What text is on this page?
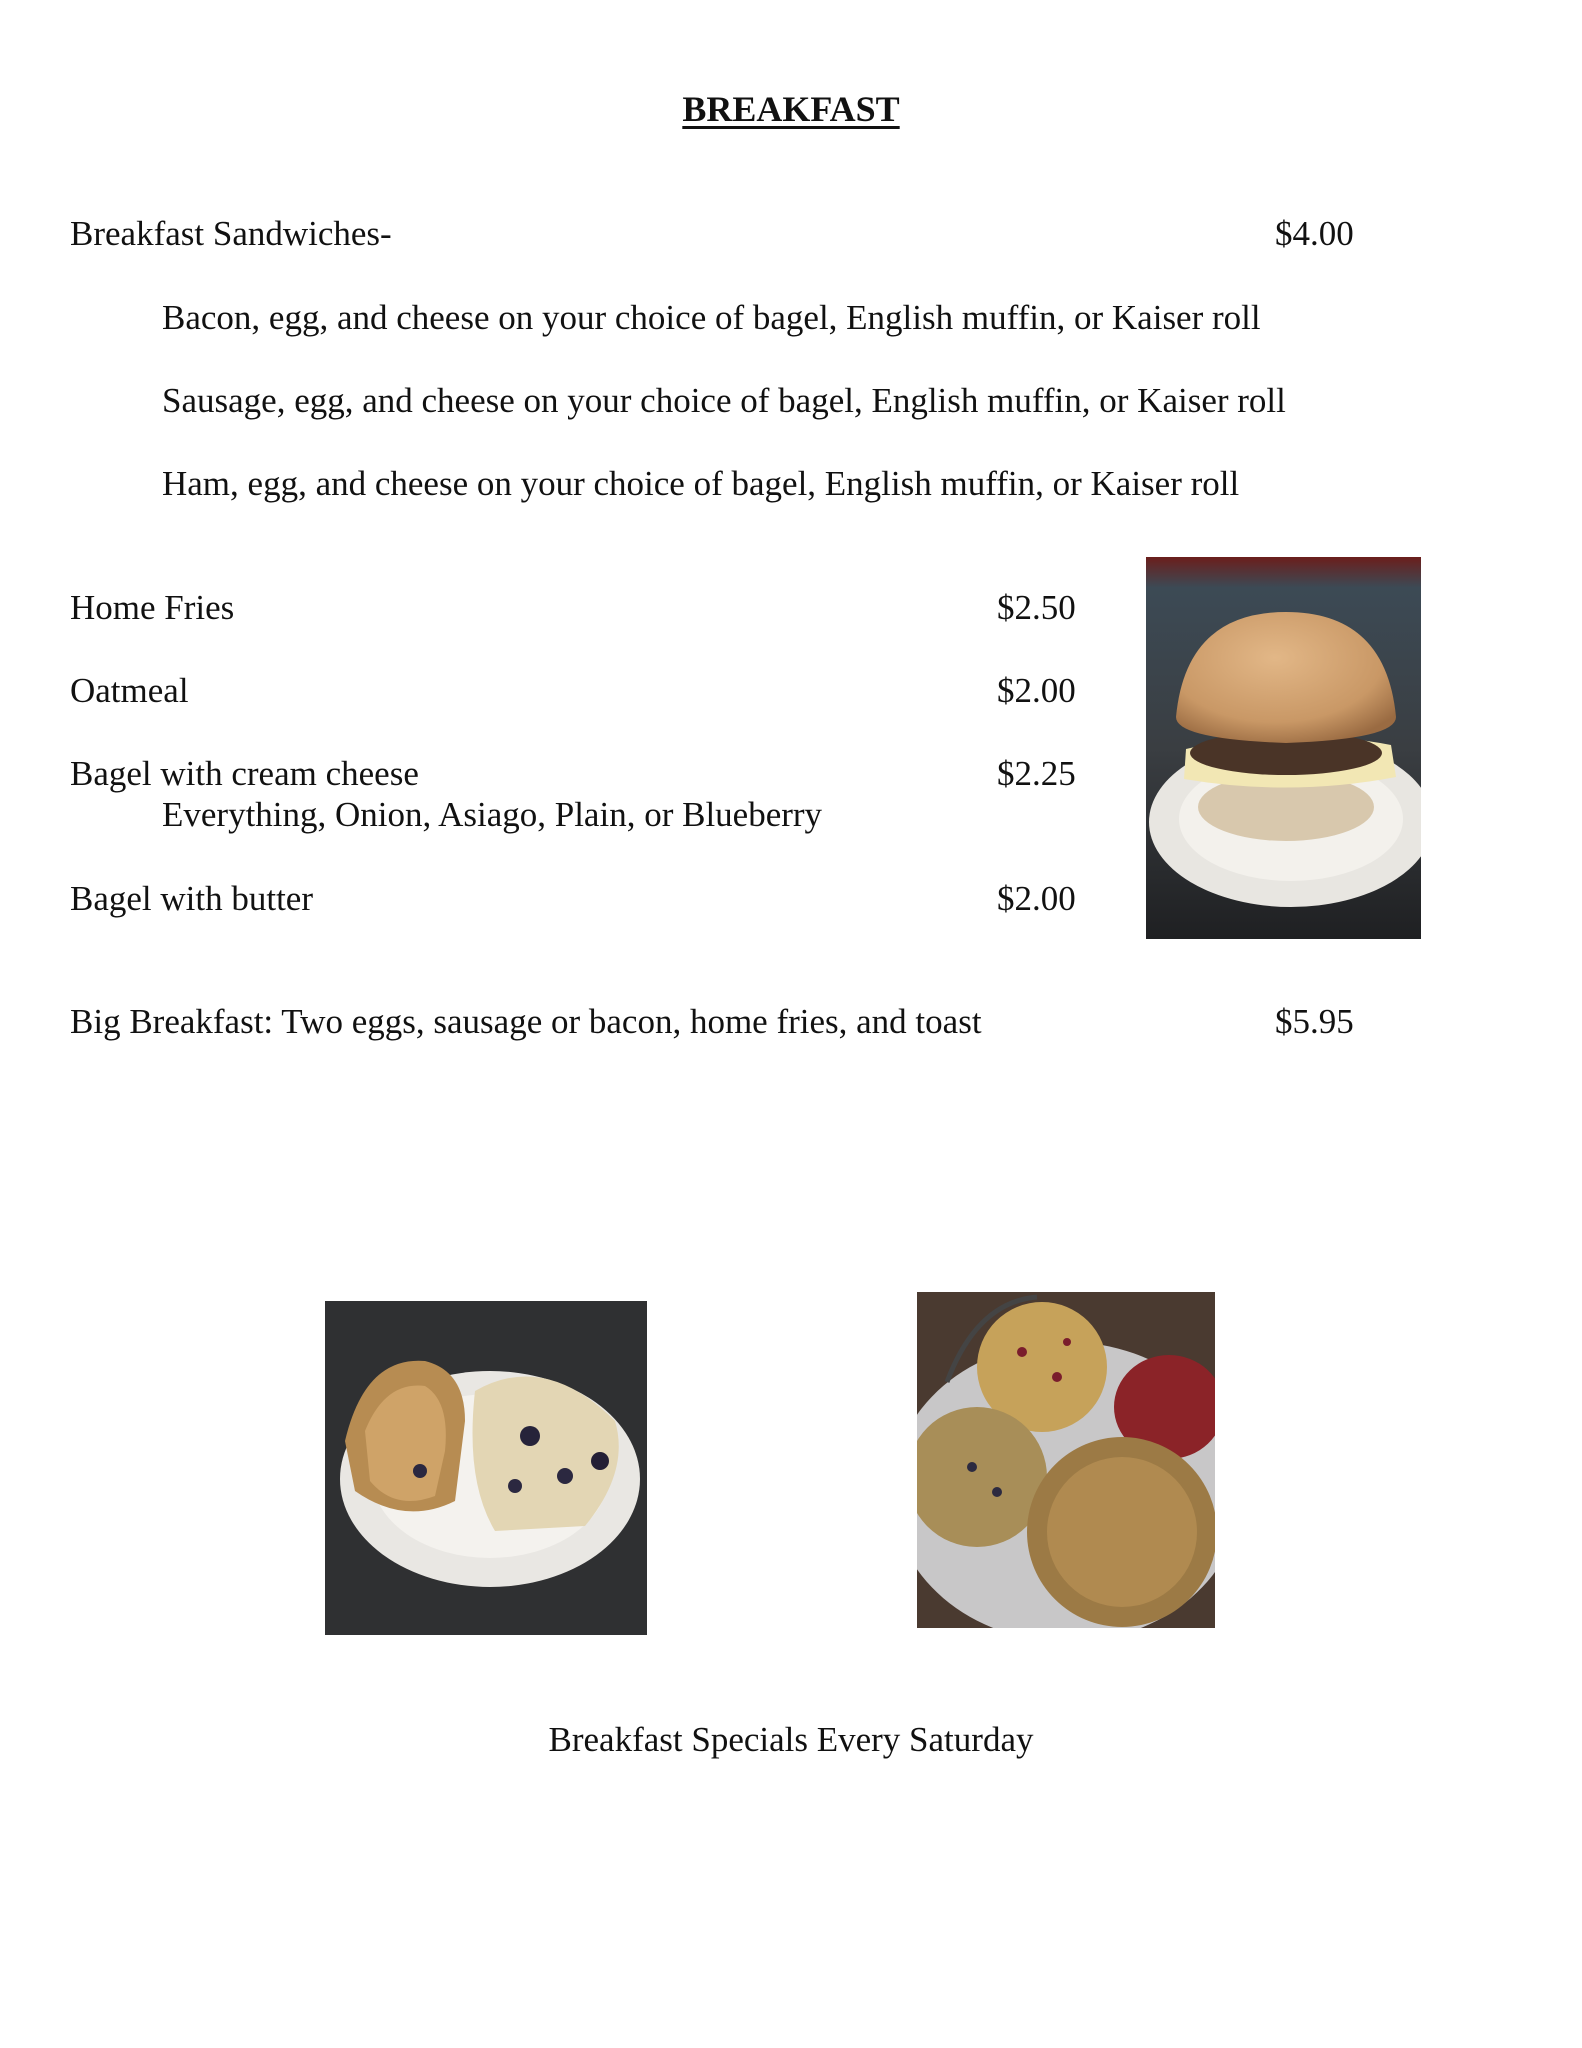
BREAKFAST
Breakfast Sandwiches-	$4.00
Bacon, egg, and cheese on your choice of bagel, English muffin, or Kaiser roll
Sausage, egg, and cheese on your choice of bagel, English muffin, or Kaiser roll
Ham, egg, and cheese on your choice of bagel, English muffin, or Kaiser roll
Home Fries	$2.50
Oatmeal	$2.00
Bagel with cream cheese	$2.25
Everything, Onion, Asiago, Plain, or Blueberry
Bagel with butter	$2.00
Big Breakfast: Two eggs, sausage or bacon, home fries, and toast	$5.95
Breakfast Specials Every Saturday
